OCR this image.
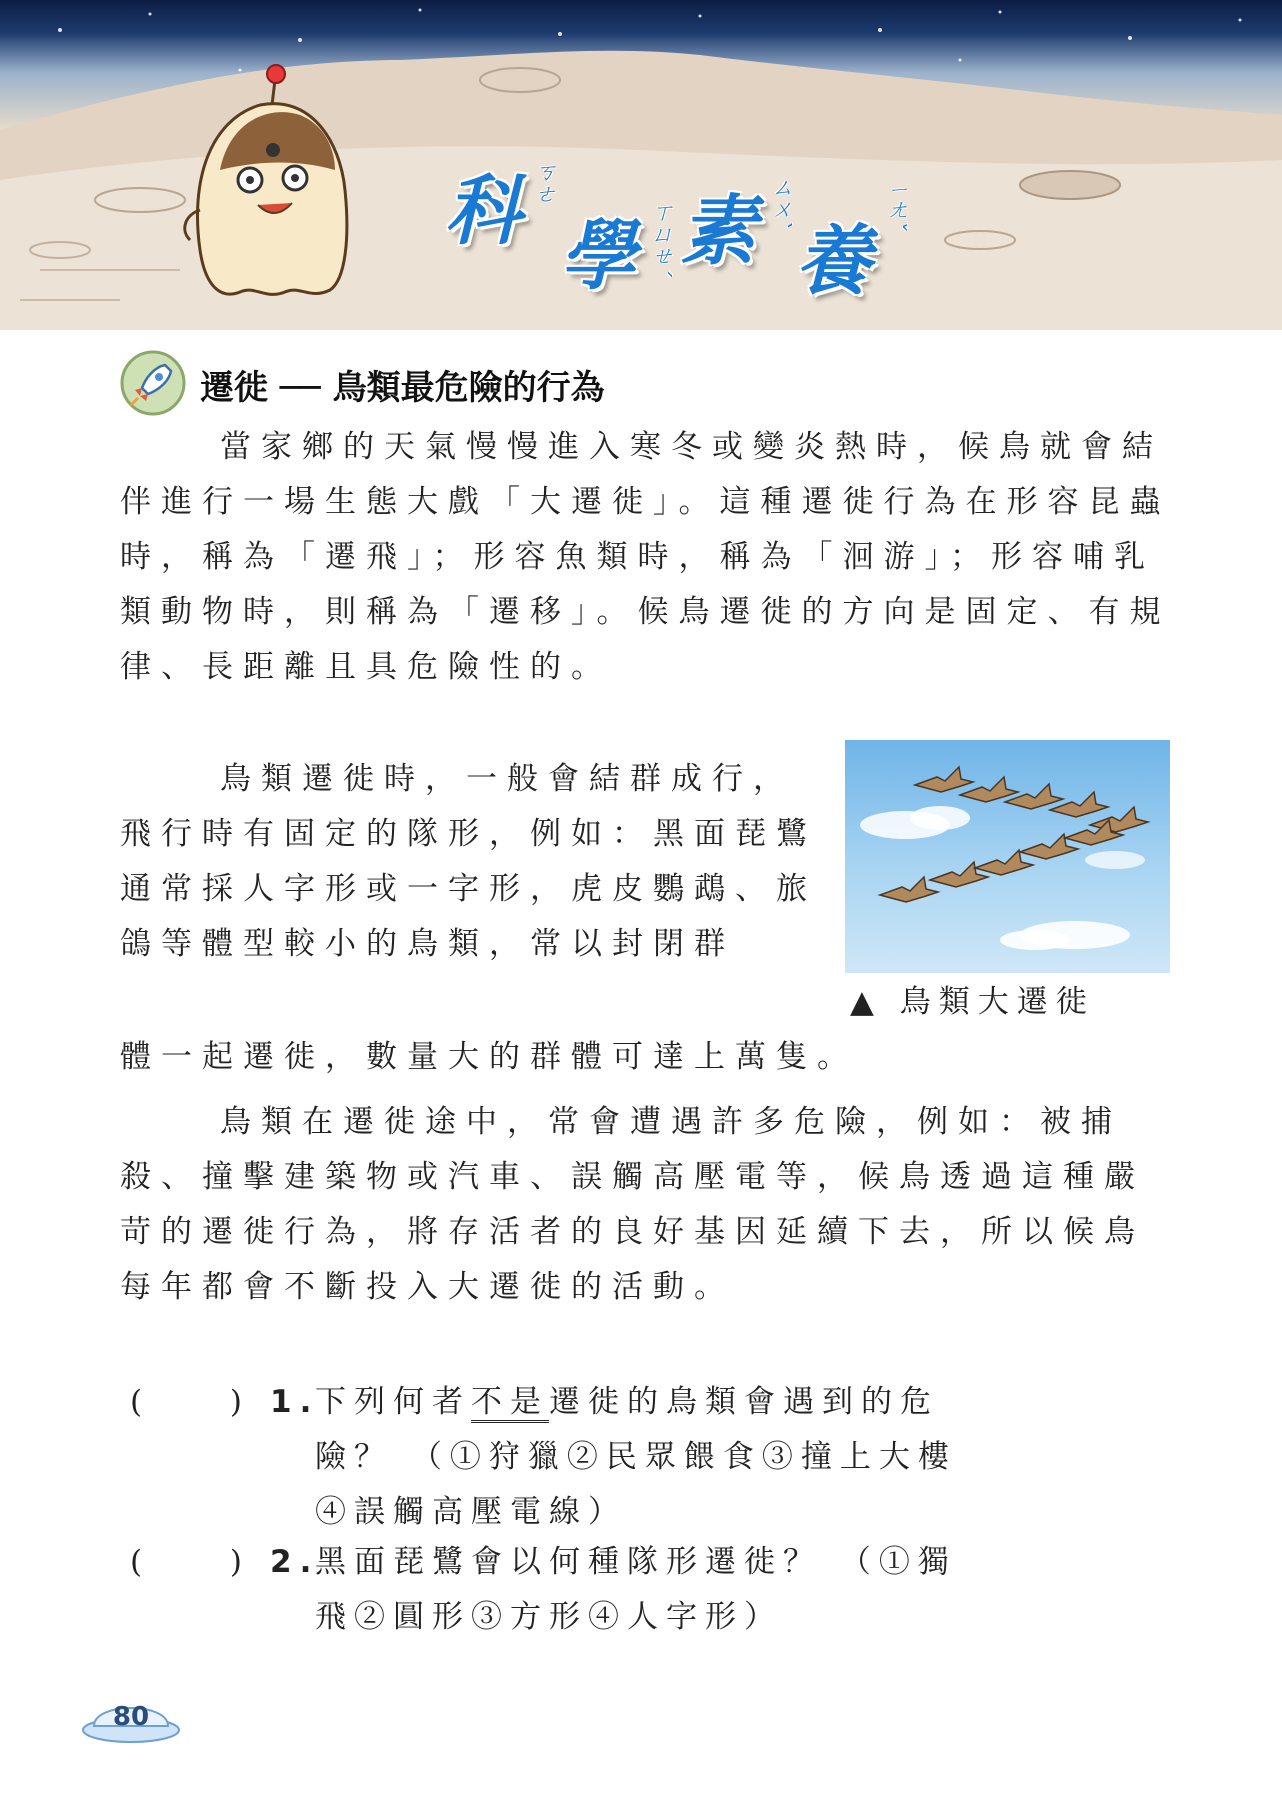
科 ㄎㄜ
學 ㄒㄩㄝˊ 素 ㄙㄨˋ
養
ㄧㄤˇ
遷徙 ── 鳥類最危險的行為

當家鄉的天氣慢慢進入寒冬或變炎熱時，候鳥就會結伴進行一場生態大戲「大遷徙」。這種遷徙行為在形容昆蟲時，稱為「遷飛」；形容魚類時，稱為「洄游」；形容哺乳類動物時，則稱為「遷移」。候鳥遷徙的方向是固定、有規律、長距離且具危險性的。

鳥類遷徙時，一般會結群成行，飛行時有固定的隊形，例如：黑面琵鷺通常採人字形或一字形，虎皮鸚鵡、旅鴿等體型較小的鳥類，常以封閉群

體一起遷徙，數量大的群體可達上萬隻。

鳥類在遷徙途中，常會遭遇許多危險，例如：被捕殺、撞擊建築物或汽車、誤觸高壓電等，候鳥透過這種嚴苛的遷徙行為，將存活者的良好基因延續下去，所以候鳥每年都會不斷投入大遷徙的活動。

▲ 鳥類大遷徙
(	) 1.
下列何者不是遷徙的鳥類會遇到的危
險？ （①狩獵②民眾餵食③撞上大樓
④誤觸高壓電線）
(	) 2.
黑面琵鷺會以何種隊形遷徙？ （①獨
飛②圓形③方形④人字形）
80
